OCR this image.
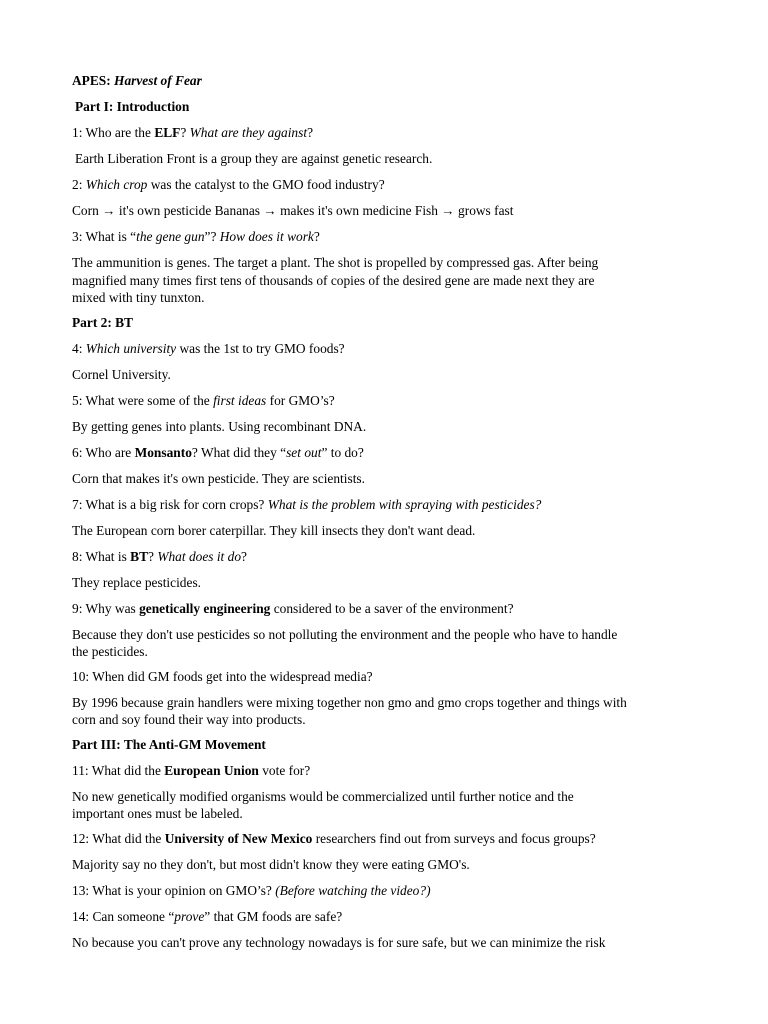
APES: Harvest of Fear
Part I: Introduction
1: Who are the ELF? What are they against?
Earth Liberation Front is a group they are against genetic research.
2: Which crop was the catalyst to the GMO food industry?
Corn → it's own pesticide Bananas → makes it's own medicine Fish → grows fast
3: What is “the gene gun”? How does it work?
The ammunition is genes. The target a plant. The shot is propelled by compressed gas. After being
magnified many times first tens of thousands of copies of the desired gene are made next they are
mixed with tiny tunxton.
Part 2: BT
4: Which university was the 1st to try GMO foods?
Cornel University.
5: What were some of the first ideas for GMO’s?
By getting genes into plants. Using recombinant DNA.
6: Who are Monsanto? What did they “set out” to do?
Corn that makes it's own pesticide. They are scientists.
7: What is a big risk for corn crops? What is the problem with spraying with pesticides?
The European corn borer caterpillar. They kill insects they don't want dead.
8: What is BT? What does it do?
They replace pesticides.
9: Why was genetically engineering considered to be a saver of the environment?
Because they don't use pesticides so not polluting the environment and the people who have to handle
the pesticides.
10: When did GM foods get into the widespread media?
By 1996 because grain handlers were mixing together non gmo and gmo crops together and things with
corn and soy found their way into products.
Part III: The Anti-GM Movement
11: What did the European Union vote for?
No new genetically modified organisms would be commercialized until further notice and the
important ones must be labeled.
12: What did the University of New Mexico researchers find out from surveys and focus groups?
Majority say no they don't, but most didn't know they were eating GMO's.
13: What is your opinion on GMO’s? (Before watching the video?)
14: Can someone “prove” that GM foods are safe?
No because you can't prove any technology nowadays is for sure safe, but we can minimize the risk
